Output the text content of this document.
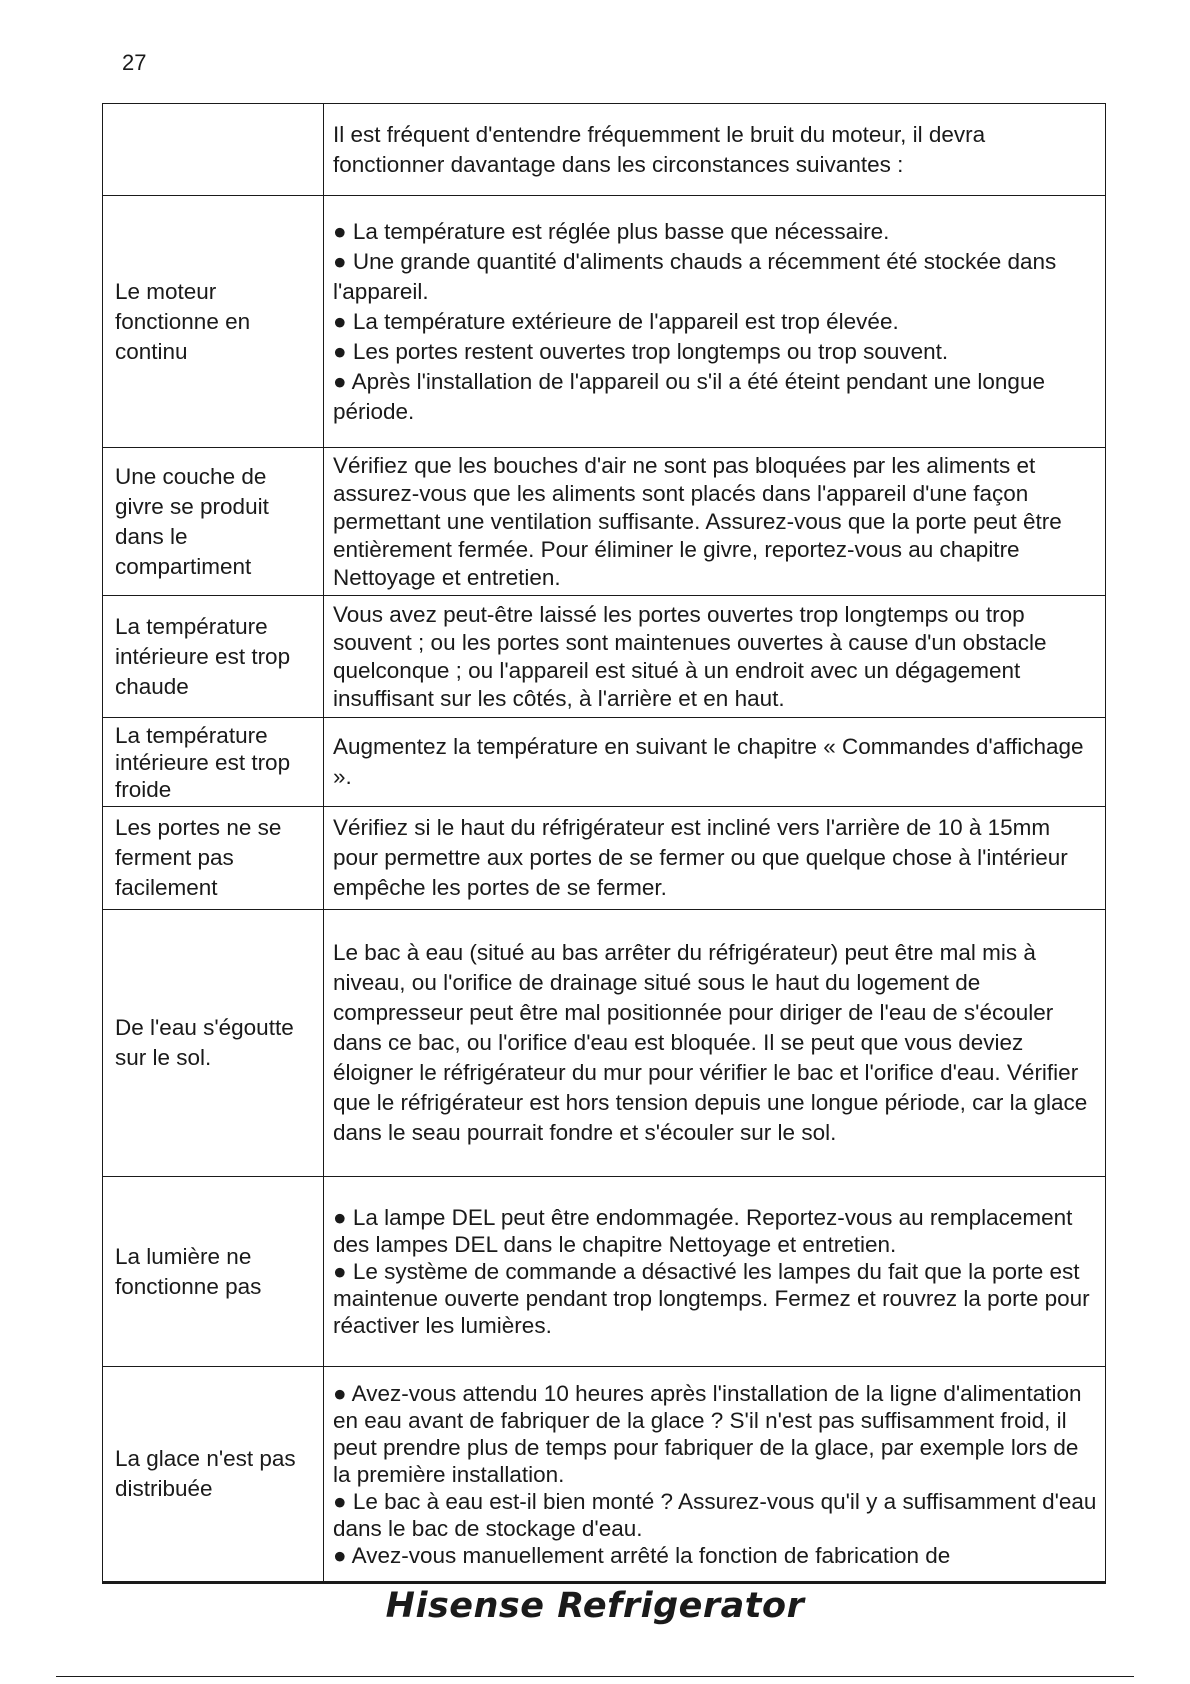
27

	Il est fréquent d'entendre fréquemment le bruit du moteur, il devra fonctionner davantage dans les circonstances suivantes :

Le moteur fonctionne en continu	● La température est réglée plus basse que nécessaire.
● Une grande quantité d'aliments chauds a récemment été stockée dans l'appareil.
● La température extérieure de l'appareil est trop élevée.
● Les portes restent ouvertes trop longtemps ou trop souvent.
● Après l'installation de l'appareil ou s'il a été éteint pendant une longue période.

Une couche de givre se produit dans le compartiment	Vérifiez que les bouches d'air ne sont pas bloquées par les aliments et assurez-vous que les aliments sont placés dans l'appareil d'une façon permettant une ventilation suffisante. Assurez-vous que la porte peut être entièrement fermée. Pour éliminer le givre, reportez-vous au chapitre Nettoyage et entretien.

La température intérieure est trop chaude	Vous avez peut-être laissé les portes ouvertes trop longtemps ou trop souvent ; ou les portes sont maintenues ouvertes à cause d'un obstacle quelconque ; ou l'appareil est situé à un endroit avec un dégagement insuffisant sur les côtés, à l'arrière et en haut.

La température intérieure est trop froide	Augmentez la température en suivant le chapitre « Commandes d'affichage ».

Les portes ne se ferment pas facilement	Vérifiez si le haut du réfrigérateur est incliné vers l'arrière de 10 à 15mm pour permettre aux portes de se fermer ou que quelque chose à l'intérieur empêche les portes de se fermer.

De l'eau s'égoutte sur le sol.	Le bac à eau (situé au bas arrêter du réfrigérateur) peut être mal mis à niveau, ou l'orifice de drainage situé sous le haut du logement de compresseur peut être mal positionnée pour diriger de l'eau de s'écouler dans ce bac, ou l'orifice d'eau est bloquée. Il se peut que vous deviez éloigner le réfrigérateur du mur pour vérifier le bac et l'orifice d'eau. Vérifier que le réfrigérateur est hors tension depuis une longue période, car la glace dans le seau pourrait fondre et s'écouler sur le sol.

La lumière ne fonctionne pas	● La lampe DEL peut être endommagée. Reportez-vous au remplacement des lampes DEL dans le chapitre Nettoyage et entretien.
● Le système de commande a désactivé les lampes du fait que la porte est maintenue ouverte pendant trop longtemps. Fermez et rouvrez la porte pour réactiver les lumières.

La glace n'est pas distribuée	● Avez-vous attendu 10 heures après l'installation de la ligne d'alimentation en eau avant de fabriquer de la glace ? S'il n'est pas suffisamment froid, il peut prendre plus de temps pour fabriquer de la glace, par exemple lors de la première installation.
● Le bac à eau est-il bien monté ? Assurez-vous qu'il y a suffisamment d'eau dans le bac de stockage d'eau.
● Avez-vous manuellement arrêté la fonction de fabrication de
Hisense Refrigerator
